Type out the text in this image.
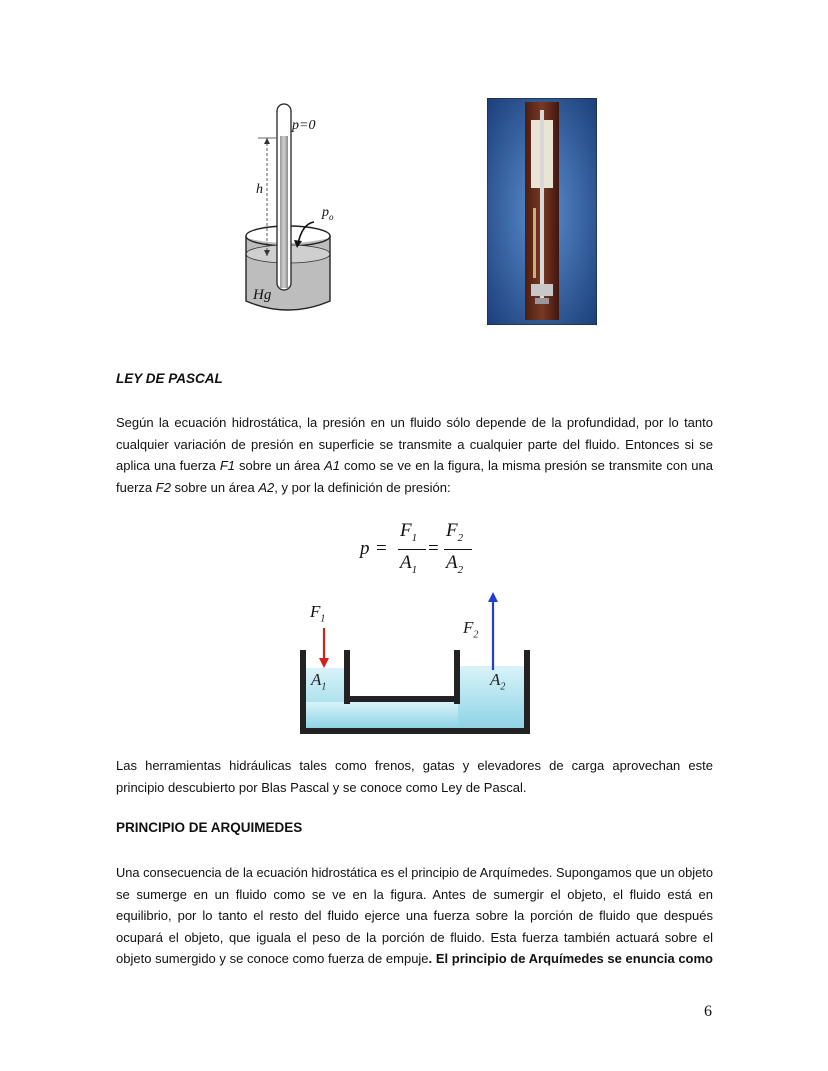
p=0
h
$p_o$
Hg
LEY DE PASCAL
Según la ecuación hidrostática, la presión en un fluido sólo depende de la profundidad, por lo tanto
cualquier variación de presión en superficie se transmite a cualquier parte del fluido. Entonces si se
aplica una fuerza F1 sobre un área A1 como se ve en la figura, la misma presión se transmite con una
fuerza F2 sobre un área A2, y por la definición de presión:
p =
$F_1$
$A_1$
=
$F_2$
$A_2$
$F_1$	$F_2$
$A_1$	$A_2$
Las herramientas hidráulicas tales como frenos, gatas y elevadores de carga aprovechan este
principio descubierto por Blas Pascal y se conoce como Ley de Pascal.
PRINCIPIO DE ARQUIMEDES
Una consecuencia de la ecuación hidrostática es el principio de Arquímedes. Supongamos que un objeto
se sumerge en un fluido como se ve en la figura. Antes de sumergir el objeto, el fluido está en
equilibrio, por lo tanto el resto del fluido ejerce una fuerza sobre la porción de fluido que después
ocupará el objeto, que iguala el peso de la porción de fluido. Esta fuerza también actuará sobre el
objeto sumergido y se conoce como fuerza de empuje. El principio de Arquímedes se enuncia como
6
